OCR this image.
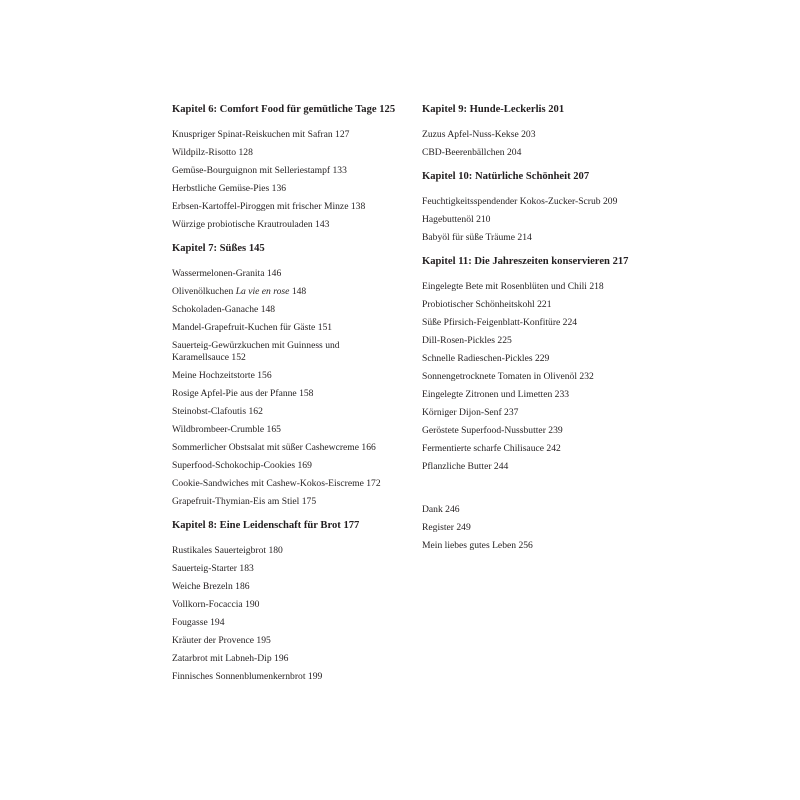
Kapitel 6: Comfort Food für gemütliche Tage 125
Knuspriger Spinat-Reiskuchen mit Safran 127
Wildpilz-Risotto 128
Gemüse-Bourguignon mit Selleriestampf 133
Herbstliche Gemüse-Pies 136
Erbsen-Kartoffel-Piroggen mit frischer Minze 138
Würzige probiotische Krautrouladen 143
Kapitel 7: Süßes 145
Wassermelonen-Granita 146
Olivenölkuchen La vie en rose 148
Schokoladen-Ganache 148
Mandel-Grapefruit-Kuchen für Gäste 151
Sauerteig-Gewürzkuchen mit Guinness und Karamellsauce 152
Meine Hochzeitstorte 156
Rosige Apfel-Pie aus der Pfanne 158
Steinobst-Clafoutis 162
Wildbrombeer-Crumble 165
Sommerlicher Obstsalat mit süßer Cashewcreme 166
Superfood-Schokochip-Cookies 169
Cookie-Sandwiches mit Cashew-Kokos-Eiscreme 172
Grapefruit-Thymian-Eis am Stiel 175
Kapitel 8: Eine Leidenschaft für Brot 177
Rustikales Sauerteigbrot 180
Sauerteig-Starter 183
Weiche Brezeln 186
Vollkorn-Focaccia 190
Fougasse 194
Kräuter der Provence 195
Zatarbrot mit Labneh-Dip 196
Finnisches Sonnenblumenkernbrot 199
Kapitel 9: Hunde-Leckerlis 201
Zuzus Apfel-Nuss-Kekse 203
CBD-Beerenbällchen 204
Kapitel 10: Natürliche Schönheit 207
Feuchtigkeitsspendender Kokos-Zucker-Scrub 209
Hagebuttenöl 210
Babyöl für süße Träume 214
Kapitel 11: Die Jahreszeiten konservieren 217
Eingelegte Bete mit Rosenblüten und Chili 218
Probiotischer Schönheitskohl 221
Süße Pfirsich-Feigenblatt-Konfitüre 224
Dill-Rosen-Pickles 225
Schnelle Radieschen-Pickles 229
Sonnengetrocknete Tomaten in Olivenöl 232
Eingelegte Zitronen und Limetten 233
Körniger Dijon-Senf 237
Geröstete Superfood-Nussbutter 239
Fermentierte scharfe Chilisauce 242
Pflanzliche Butter 244
Dank 246
Register 249
Mein liebes gutes Leben 256
